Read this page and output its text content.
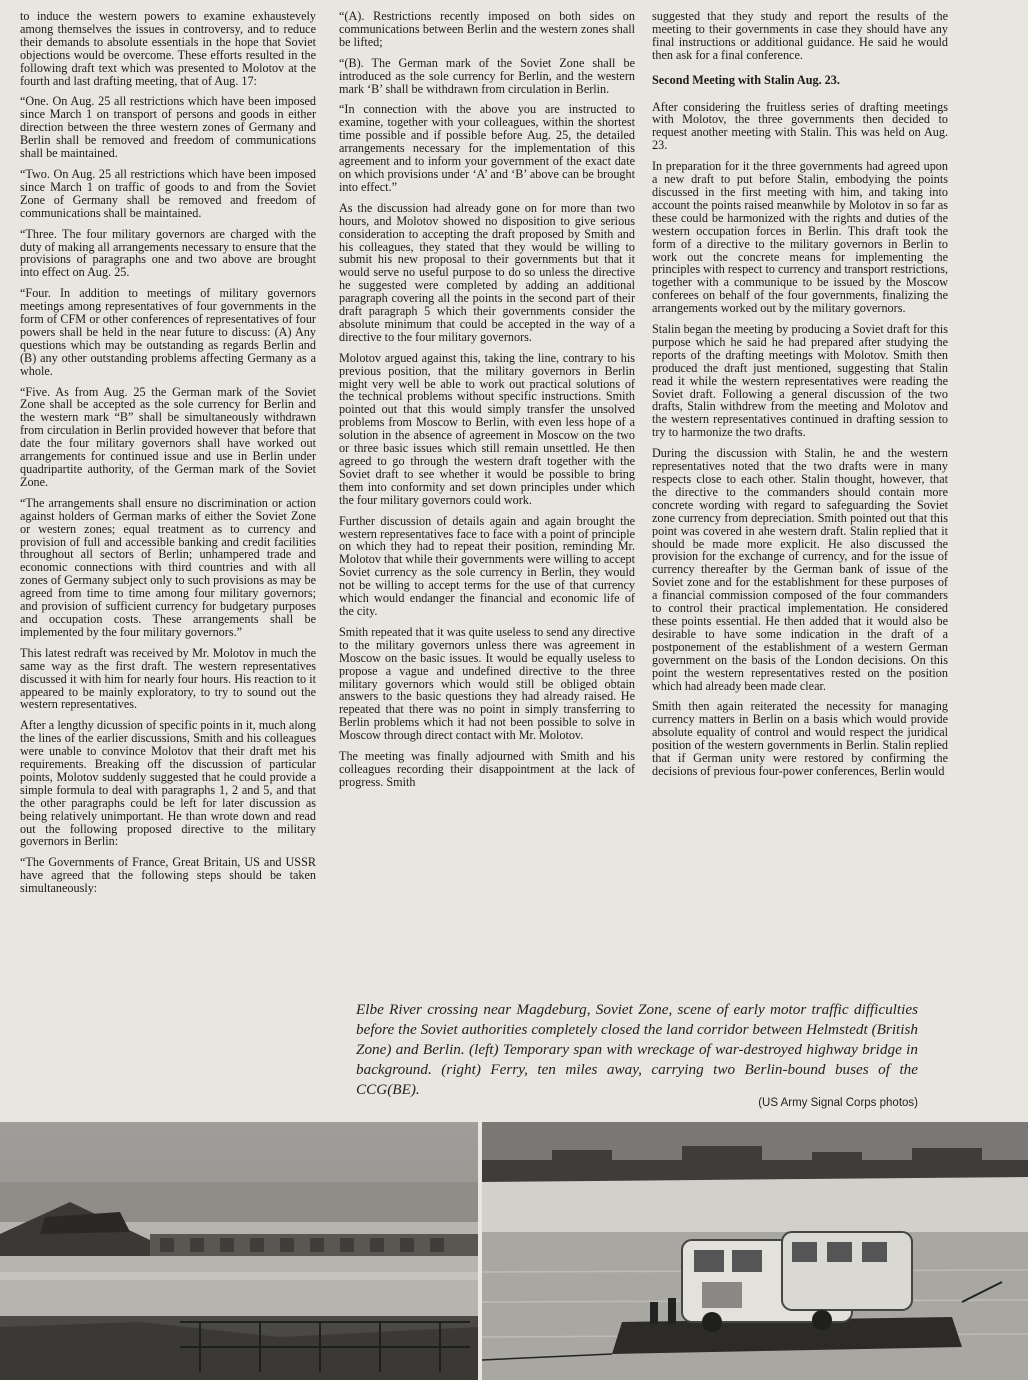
to induce the western powers to examine exhaustevely among themselves the issues in controversy, and to reduce their demands to absolute essentials in the hope that Soviet objections would be overcome. These efforts resulted in the following draft text which was presented to Molotov at the fourth and last drafting meeting, that of Aug. 17:

“One. On Aug. 25 all restrictions which have been imposed since March 1 on transport of persons and goods in either direction between the three western zones of Germany and Berlin shall be removed and freedom of communications shall be maintained.

“Two. On Aug. 25 all restrictions which have been imposed since March 1 on traffic of goods to and from the Soviet Zone of Germany shall be removed and freedom of communications shall be maintained.

“Three. The four military governors are charged with the duty of making all arrangements necessary to ensure that the provisions of paragraphs one and two above are brought into effect on Aug. 25.

“Four. In addition to meetings of military governors meetings among representatives of four governments in the form of CFM or other conferences of representatives of four powers shall be held in the near future to discuss: (A) Any questions which may be outstanding as regards Berlin and (B) any other outstanding problems affecting Germany as a whole.

“Five. As from Aug. 25 the German mark of the Soviet Zone shall be accepted as the sole currency for Berlin and the western mark “B” shall be simultaneously withdrawn from circulation in Berlin provided however that before that date the four military governors shall have worked out arrangements for continued issue and use in Berlin under quadripartite authority, of the German mark of the Soviet Zone.

“The arrangements shall ensure no discrimination or action against holders of German marks of either the Soviet Zone or western zones; equal treatment as to currency and provision of full and accessible banking and credit facilities throughout all sectors of Berlin; unhampered trade and economic connections with third countries and with all zones of Germany subject only to such provisions as may be agreed from time to time among four military governors; and provision of sufficient currency for budgetary purposes and occupation costs. These arrangements shall be implemented by the four military governors.”

This latest redraft was received by Mr. Molotov in much the same way as the first draft. The western representatives discussed it with him for nearly four hours. His reaction to it appeared to be mainly exploratory, to try to sound out the western representatives.

After a lengthy dicussion of specific points in it, much along the lines of the earlier discussions, Smith and his colleagues were unable to convince Molotov that their draft met his requirements. Breaking off the discussion of particular points, Molotov suddenly suggested that he could provide a simple formula to deal with paragraphs 1, 2 and 5, and that the other paragraphs could be left for later discussion as being relatively unimportant. He than wrote down and read out the following proposed directive to the military governors in Berlin:

“The Governments of France, Great Britain, US and USSR have agreed that the following steps should be taken simultaneously:

“(A). Restrictions recently imposed on both sides on communications between Berlin and the western zones shall be lifted;

“(B). The German mark of the Soviet Zone shall be introduced as the sole currency for Berlin, and the western mark ‘B’ shall be withdrawn from circulation in Berlin.

“In connection with the above you are instructed to examine, together with your colleagues, within the shortest time possible and if possible before Aug. 25, the detailed arrangements necessary for the implementation of this agreement and to inform your government of the exact date on which provisions under ‘A’ and ‘B’ above can be brought into effect.”

As the discussion had already gone on for more than two hours, and Molotov showed no disposition to give serious consideration to accepting the draft proposed by Smith and his colleagues, they stated that they would be willing to submit his new proposal to their governments but that it would serve no useful purpose to do so unless the directive he suggested were completed by adding an additional paragraph covering all the points in the second part of their draft paragraph 5 which their governments consider the absolute minimum that could be accepted in the way of a directive to the four military governors.

Molotov argued against this, taking the line, contrary to his previous position, that the military governors in Berlin might very well be able to work out practical solutions of the technical problems without specific instructions. Smith pointed out that this would simply transfer the unsolved problems from Moscow to Berlin, with even less hope of a solution in the absence of agreement in Moscow on the two or three basic issues which still remain unsettled. He then agreed to go through the western draft together with the Soviet draft to see whether it would be possible to bring them into conformity and set down principles under which the four military governors could work.

Further discussion of details again and again brought the western representatives face to face with a point of principle on which they had to repeat their position, reminding Mr. Molotov that while their governments were willing to accept Soviet currency as the sole currency in Berlin, they would not be willing to accept terms for the use of that currency which would endanger the financial and economic life of the city.

Smith repeated that it was quite useless to send any directive to the military governors unless there was agreement in Moscow on the basic issues. It would be equally useless to propose a vague and undefined directive to the three military governors which would still be obliged obtain answers to the basic questions they had already raised. He repeated that there was no point in simply transferring to Berlin problems which it had not been possible to solve in Moscow through direct contact with Mr. Molotov.

The meeting was finally adjourned with Smith and his colleagues recording their disappointment at the lack of progress. Smith

suggested that they study and report the results of the meeting to their governments in case they should have any final instructions or additional guidance. He said he would then ask for a final conference.

Second Meeting with Stalin Aug. 23.

After considering the fruitless series of drafting meetings with Molotov, the three governments then decided to request another meeting with Stalin. This was held on Aug. 23.

In preparation for it the three governments had agreed upon a new draft to put before Stalin, embodying the points discussed in the first meeting with him, and taking into account the points raised meanwhile by Molotov in so far as these could be harmonized with the rights and duties of the western occupation forces in Berlin. This draft took the form of a directive to the military governors in Berlin to work out the concrete means for implementing the principles with respect to currency and transport restrictions, together with a communique to be issued by the Moscow conferees on behalf of the four governments, finalizing the arrangements worked out by the military governors.

Stalin began the meeting by producing a Soviet draft for this purpose which he said he had prepared after studying the reports of the drafting meetings with Molotov. Smith then produced the draft just mentioned, suggesting that Stalin read it while the western representatives were reading the Soviet draft. Following a general discussion of the two drafts, Stalin withdrew from the meeting and Molotov and the western representatives continued in drafting session to try to harmonize the two drafts.

During the discussion with Stalin, he and the western representatives noted that the two drafts were in many respects close to each other. Stalin thought, however, that the directive to the commanders should contain more concrete wording with regard to safeguarding the Soviet zone currency from depreciation. Smith pointed out that this point was covered in ahe western draft. Stalin replied that it should be made more explicit. He also discussed the provision for the exchange of currency, and for the issue of currency thereafter by the German bank of issue of the Soviet zone and for the establishment for these purposes of a financial commission composed of the four commanders to control their practical implementation. He considered these points essential. He then added that it would also be desirable to have some indication in the draft of a postponement of the establishment of a western German government on the basis of the London decisions. On this point the western representatives rested on the position which had already been made clear.

Smith then again reiterated the necessity for managing currency matters in Berlin on a basis which would provide absolute equality of control and would respect the juridical position of the western governments in Berlin. Stalin replied that if German unity were restored by confirming the decisions of previous four-power conferences, Berlin would

Elbe River crossing near Magdeburg, Soviet Zone, scene of early motor traffic difficulties before the Soviet authorities completely closed the land corridor between Helmstedt (British Zone) and Berlin. (left) Temporary span with wreckage of war-destroyed highway bridge in background. (right) Ferry, ten miles away, carrying two Berlin-bound buses of the CCG(BE).
(US Army Signal Corps photos)
